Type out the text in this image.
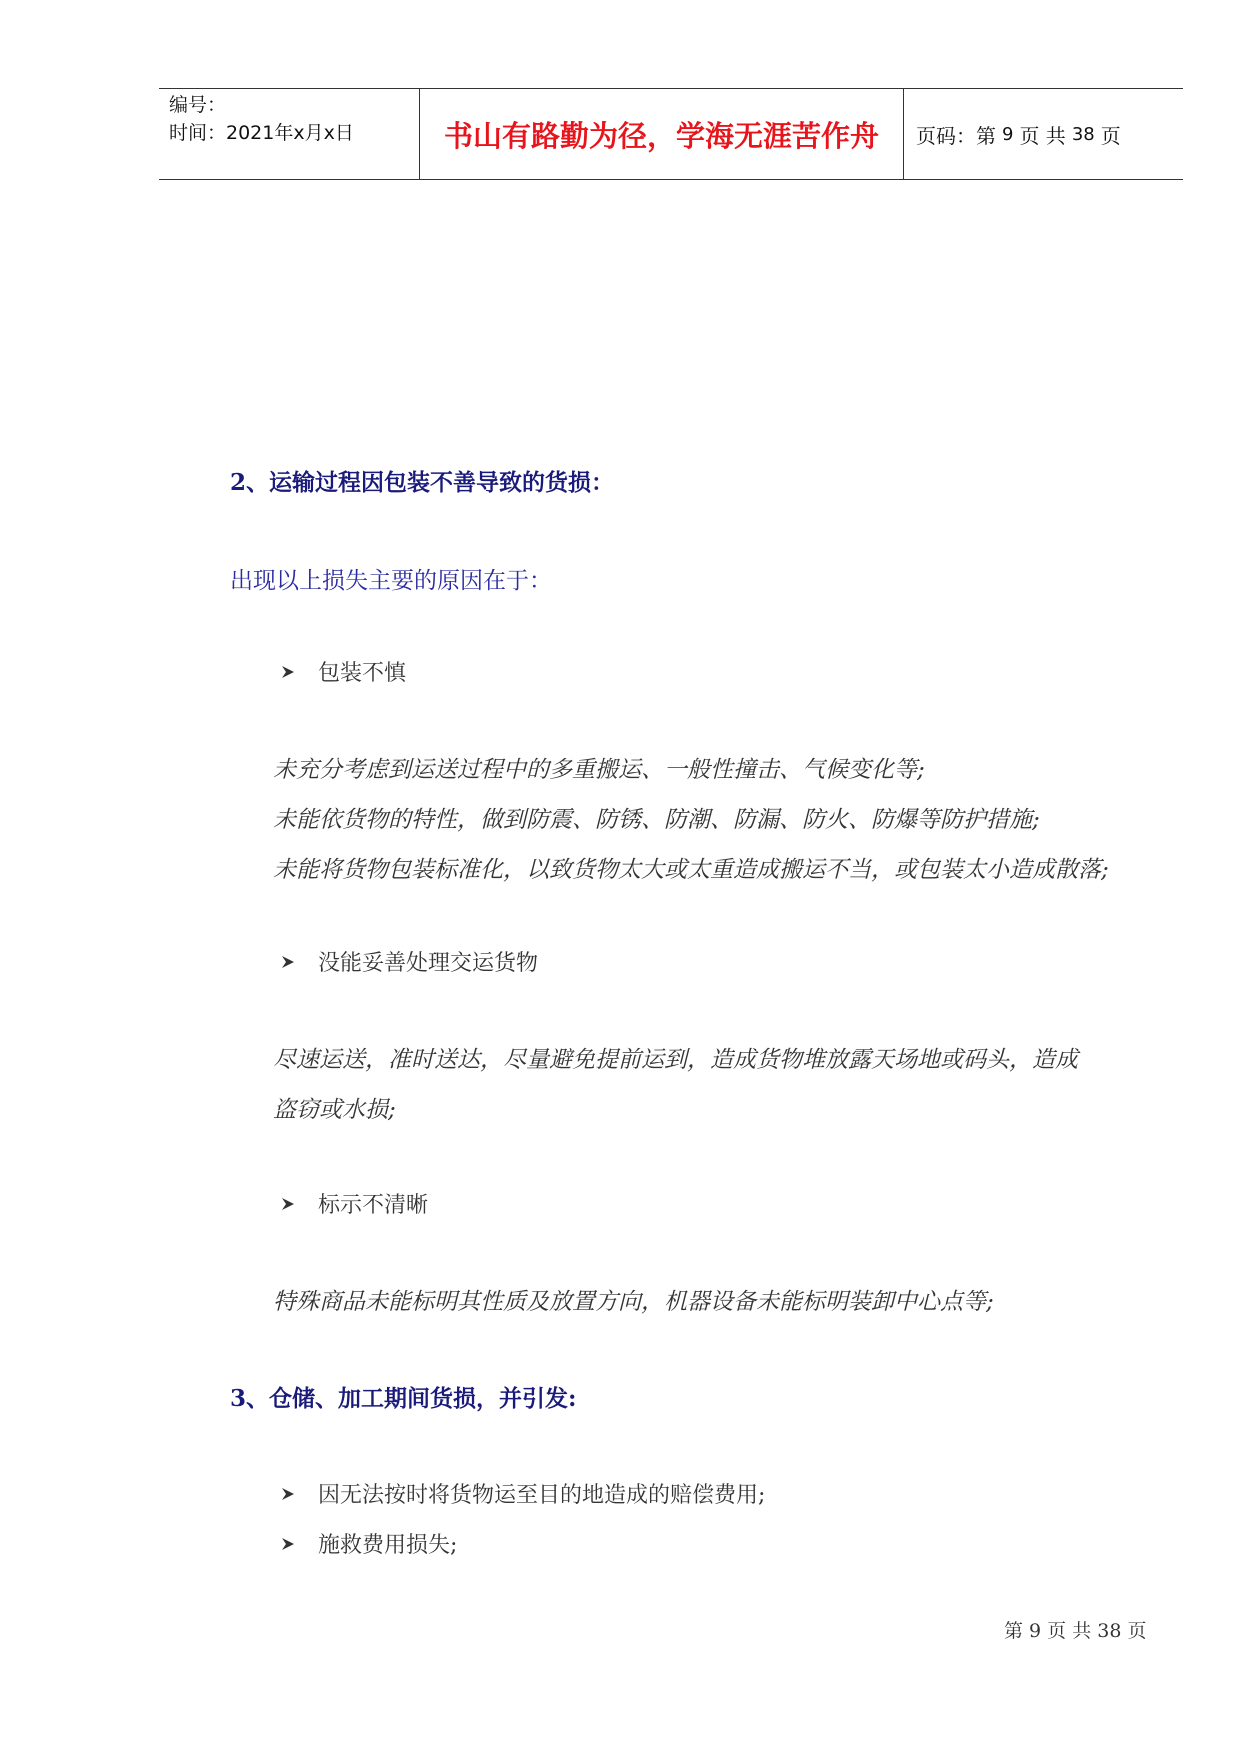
编号：
时间：2021年x月x日	书山有路勤为径，学海无涯苦作舟	页码：第 9 页 共 38 页
2、运输过程因包装不善导致的货损：
出现以上损失主要的原因在于：
包装不慎
未充分考虑到运送过程中的多重搬运、一般性撞击、气候变化等;
未能依货物的特性，做到防震、防锈、防潮、防漏、防火、防爆等防护措施;
未能将货物包装标准化，以致货物太大或太重造成搬运不当，或包装太小造成散落;
没能妥善处理交运货物
尽速运送，准时送达，尽量避免提前运到，造成货物堆放露天场地或码头，造成
盗窃或水损;
标示不清晰
特殊商品未能标明其性质及放置方向，机器设备未能标明装卸中心点等;
3、仓储、加工期间货损，并引发:
因无法按时将货物运至目的地造成的赔偿费用;
施救费用损失;
第 9 页 共 38 页
